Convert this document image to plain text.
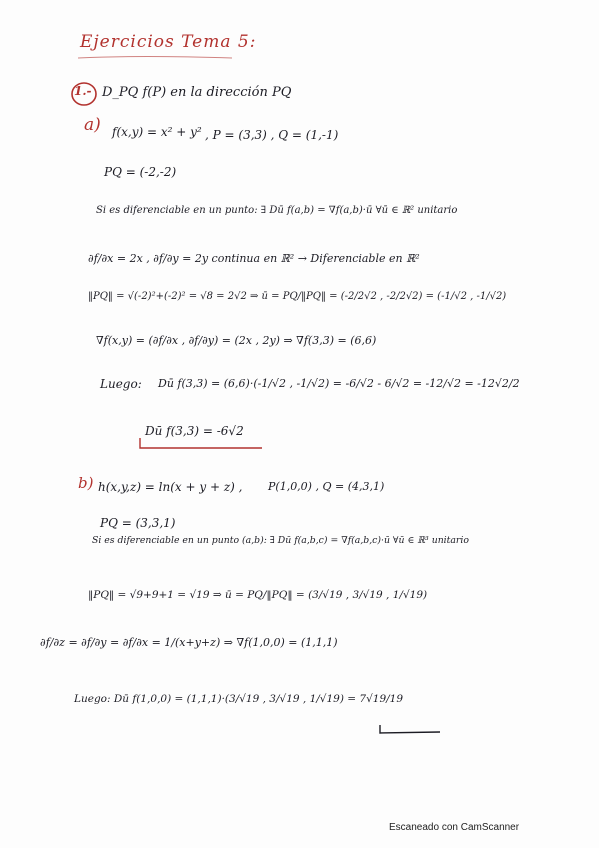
Ejercicios Tema 5:
1.- D_PQ f(P) en la dirección PQ
a) f(x,y) = x² + y² , P = (3,3) , Q = (1,-1)
PQ = (-2,-2)
Si es diferenciable en un punto: ∃ Dū f(a,b) = ∇f(a,b)·ū ∀ū ∈ ℝ² unitario
∂f/∂x = 2x , ∂f/∂y = 2y continua en ℝ² → Diferenciable en ℝ²
‖PQ‖ = √(-2)²+(-2)² = √8 = 2√2 ⇒ ū = PQ/‖PQ‖ = (-2/2√2 , -2/2√2) = (-1/√2 , -1/√2)
∇f(x,y) = (∂f/∂x , ∂f/∂y) = (2x , 2y) ⇒ ∇f(3,3) = (6,6)
Luego: Dū f(3,3) = (6,6)·(-1/√2 , -1/√2) = -6/√2 - 6/√2 = -12/√2 = -12√2/2
Dū f(3,3) = -6√2
b) h(x,y,z) = ln(x + y + z) , P(1,0,0) , Q = (4,3,1)
PQ = (3,3,1)
Si es diferenciable en un punto (a,b): ∃ Dū f(a,b,c) = ∇f(a,b,c)·ū ∀ū ∈ ℝ³ unitario
‖PQ‖ = √9+9+1 = √19 ⇒ ū = PQ/‖PQ‖ = (3/√19 , 3/√19 , 1/√19)
∂f/∂z = ∂f/∂y = ∂f/∂x = 1/(x+y+z) ⇒ ∇f(1,0,0) = (1,1,1)
Luego: Dū f(1,0,0) = (1,1,1)·(3/√19 , 3/√19 , 1/√19) = 7√19/19
Escaneado con CamScanner
